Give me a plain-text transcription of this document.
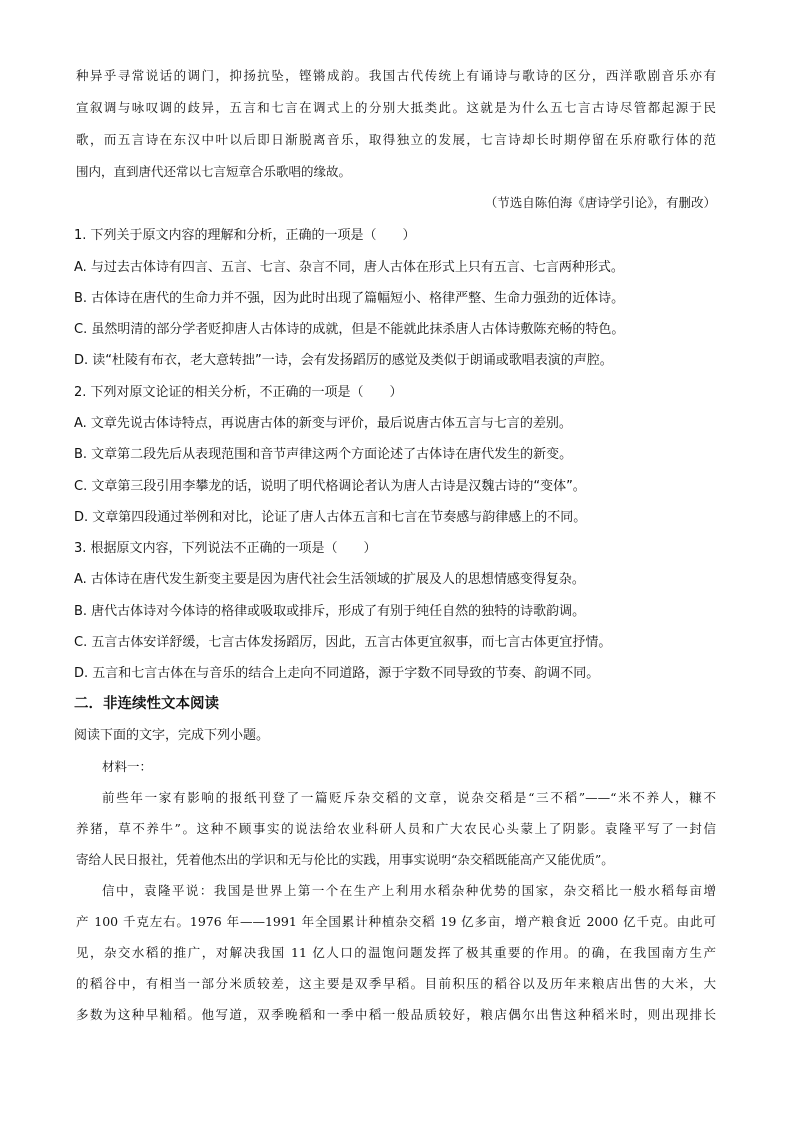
种异乎寻常说话的调门，抑扬抗坠，铿锵成韵。我国古代传统上有诵诗与歌诗的区分，西洋歌剧音乐亦有
宣叙调与咏叹调的歧异，五言和七言在调式上的分别大抵类此。这就是为什么五七言古诗尽管都起源于民
歌，而五言诗在东汉中叶以后即日渐脱离音乐，取得独立的发展，七言诗却长时期停留在乐府歌行体的范
围内，直到唐代还常以七言短章合乐歌唱的缘故。
（节选自陈伯海《唐诗学引论》，有删改）
1. 下列关于原文内容的理解和分析，正确的一项是（　　）
A. 与过去古体诗有四言、五言、七言、杂言不同，唐人古体在形式上只有五言、七言两种形式。
B. 古体诗在唐代的生命力并不强，因为此时出现了篇幅短小、格律严整、生命力强劲的近体诗。
C. 虽然明清的部分学者贬抑唐人古体诗的成就，但是不能就此抹杀唐人古体诗敷陈充畅的特色。
D. 读“杜陵有布衣，老大意转拙”一诗，会有发扬蹈厉的感觉及类似于朗诵或歌唱表演的声腔。
2. 下列对原文论证的相关分析，不正确的一项是（　　）
A. 文章先说古体诗特点，再说唐古体的新变与评价，最后说唐古体五言与七言的差别。
B. 文章第二段先后从表现范围和音节声律这两个方面论述了古体诗在唐代发生的新变。
C. 文章第三段引用李攀龙的话，说明了明代格调论者认为唐人古诗是汉魏古诗的“变体”。
D. 文章第四段通过举例和对比，论证了唐人古体五言和七言在节奏感与韵律感上的不同。
3. 根据原文内容，下列说法不正确的一项是（　　）
A. 古体诗在唐代发生新变主要是因为唐代社会生活领域的扩展及人的思想情感变得复杂。
B. 唐代古体诗对今体诗的格律或吸取或排斥，形成了有别于纯任自然的独特的诗歌韵调。
C. 五言古体安详舒缓，七言古体发扬蹈厉，因此，五言古体更宜叙事，而七言古体更宜抒情。
D. 五言和七言古体在与音乐的结合上走向不同道路，源于字数不同导致的节奏、韵调不同。
二．非连续性文本阅读
阅读下面的文字，完成下列小题。
材料一：
前些年一家有影响的报纸刊登了一篇贬斥杂交稻的文章，说杂交稻是“三不稻”——“米不养人，糠不
养猪，草不养牛”。这种不顾事实的说法给农业科研人员和广大农民心头蒙上了阴影。袁隆平写了一封信
寄给人民日报社，凭着他杰出的学识和无与伦比的实践，用事实说明“杂交稻既能高产又能优质”。
信中，袁隆平说：我国是世界上第一个在生产上利用水稻杂种优势的国家，杂交稻比一般水稻每亩增
产 100 千克左右。1976 年——1991 年全国累计种植杂交稻 19 亿多亩，增产粮食近 2000 亿千克。由此可
见，杂交水稻的推广，对解决我国 11 亿人口的温饱问题发挥了极其重要的作用。的确，在我国南方生产
的稻谷中，有相当一部分米质较差，这主要是双季早稻。目前积压的稻谷以及历年来粮店出售的大米，大
多数为这种早籼稻。他写道，双季晚稻和一季中稻一般品质较好，粮店偶尔出售这种稻米时，则出现排长
